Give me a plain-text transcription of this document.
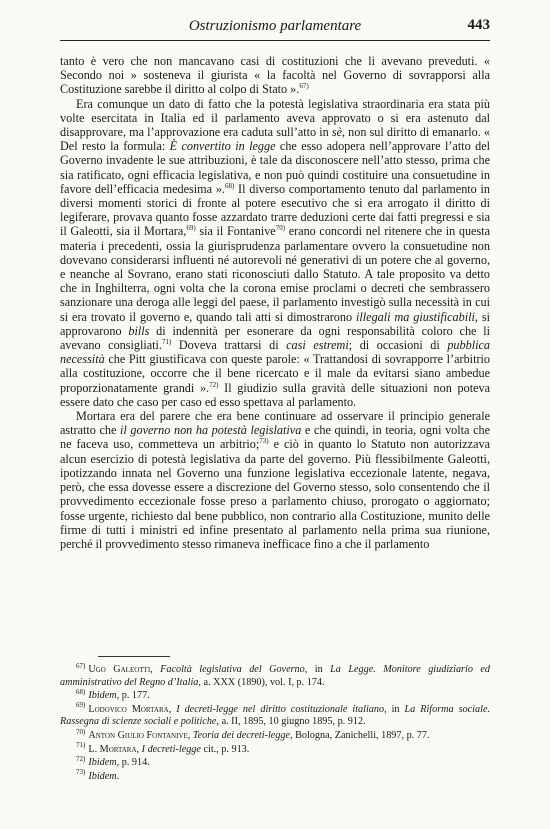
Ostruzionismo parlamentare	443

tanto è vero che non mancavano casi di costituzioni che li avevano preveduti. « Secondo noi » sosteneva il giurista « la facoltà nel Governo di sovrapporsi alla Costituzione sarebbe il diritto al colpo di Stato ».$^{67)}$

Era comunque un dato di fatto che la potestà legislativa straordinaria era stata più volte esercitata in Italia ed il parlamento aveva approvato o si era astenuto dal disapprovare, ma l’approvazione era caduta sull’atto in sè, non sul diritto di emanarlo. « Del resto la formula: È convertito in legge che esso adopera nell’approvare l’atto del Governo invadente le sue attribuzioni, è tale da disconoscere nell’atto stesso, prima che sia ratificato, ogni efficacia legislativa, e non può quindi costituire una consuetudine in favore dell’efficacia medesima ».$^{68)}$ Il diverso comportamento tenuto dal parlamento in diversi momenti storici di fronte al potere esecutivo che si era arrogato il diritto di legiferare, provava quanto fosse azzardato trarre deduzioni certe dai fatti pregressi e sia il Galeotti, sia il Mortara,$^{69)}$ sia il Fontanive$^{70)}$ erano concordi nel ritenere che in questa materia i precedenti, ossia la giurisprudenza parlamentare ovvero la consuetudine non dovevano considerarsi influenti né autorevoli né generativi di un potere che al governo, e neanche al Sovrano, erano stati riconosciuti dallo Statuto. A tale proposito va detto che in Inghilterra, ogni volta che la corona emise proclami o decreti che sembrassero sanzionare una deroga alle leggi del paese, il parlamento investigò sulla necessità in cui si era trovato il governo e, quando tali atti si dimostrarono illegali ma giustificabili, si approvarono bills di indennità per esonerare da ogni responsabilità coloro che li avevano consigliati.$^{71)}$ Doveva trattarsi di casi estremi; di occasioni di pubblica necessità che Pitt giustificava con queste parole: « Trattandosi di sovrapporre l’arbitrio alla costituzione, occorre che il bene ricercato e il male da evitarsi siano ambedue proporzionatamente grandi ».$^{72)}$ Il giudizio sulla gravità delle situazioni non poteva essere dato che caso per caso ed esso spettava al parlamento.

Mortara era del parere che era bene continuare ad osservare il principio generale astratto che il governo non ha potestà legislativa e che quindi, in teoria, ogni volta che ne faceva uso, commetteva un arbitrio;$^{73)}$ e ciò in quanto lo Statuto non autorizzava alcun esercizio di potestà legislativa da parte del governo. Più flessibilmente Galeotti, ipotizzando innata nel Governo una funzione legislativa eccezionale latente, negava, però, che essa dovesse essere a discrezione del Governo stesso, solo consentendo che il provvedimento eccezionale fosse preso a parlamento chiuso, prorogato o aggiornato; fosse urgente, richiesto dal bene pubblico, non contrario alla Costituzione, munito delle firme di tutti i ministri ed infine presentato al parlamento nella prima sua riunione, perché il provvedimento stesso rimaneva inefficace fino a che il parlamento

$^{67)}$ Ugo Galeotti, Facoltà legislativa del Governo, in La Legge. Monitore giudiziario ed amministrativo del Regno d’Italia, a. XXX (1890), vol. I, p. 174.
$^{68)}$ Ibidem, p. 177.
$^{69)}$ Lodovico Mortara, I decreti-legge nel diritto costituzionale italiano, in La Riforma sociale. Rassegna di scienze sociali e politiche, a. II, 1895, 10 giugno 1895, p. 912.
$^{70)}$ Anton Giulio Fontanive, Teoria dei decreti-legge, Bologna, Zanichelli, 1897, p. 77.
$^{71)}$ L. Mortara, I decreti-legge cit., p. 913.
$^{72)}$ Ibidem, p. 914.
$^{73)}$ Ibidem.
